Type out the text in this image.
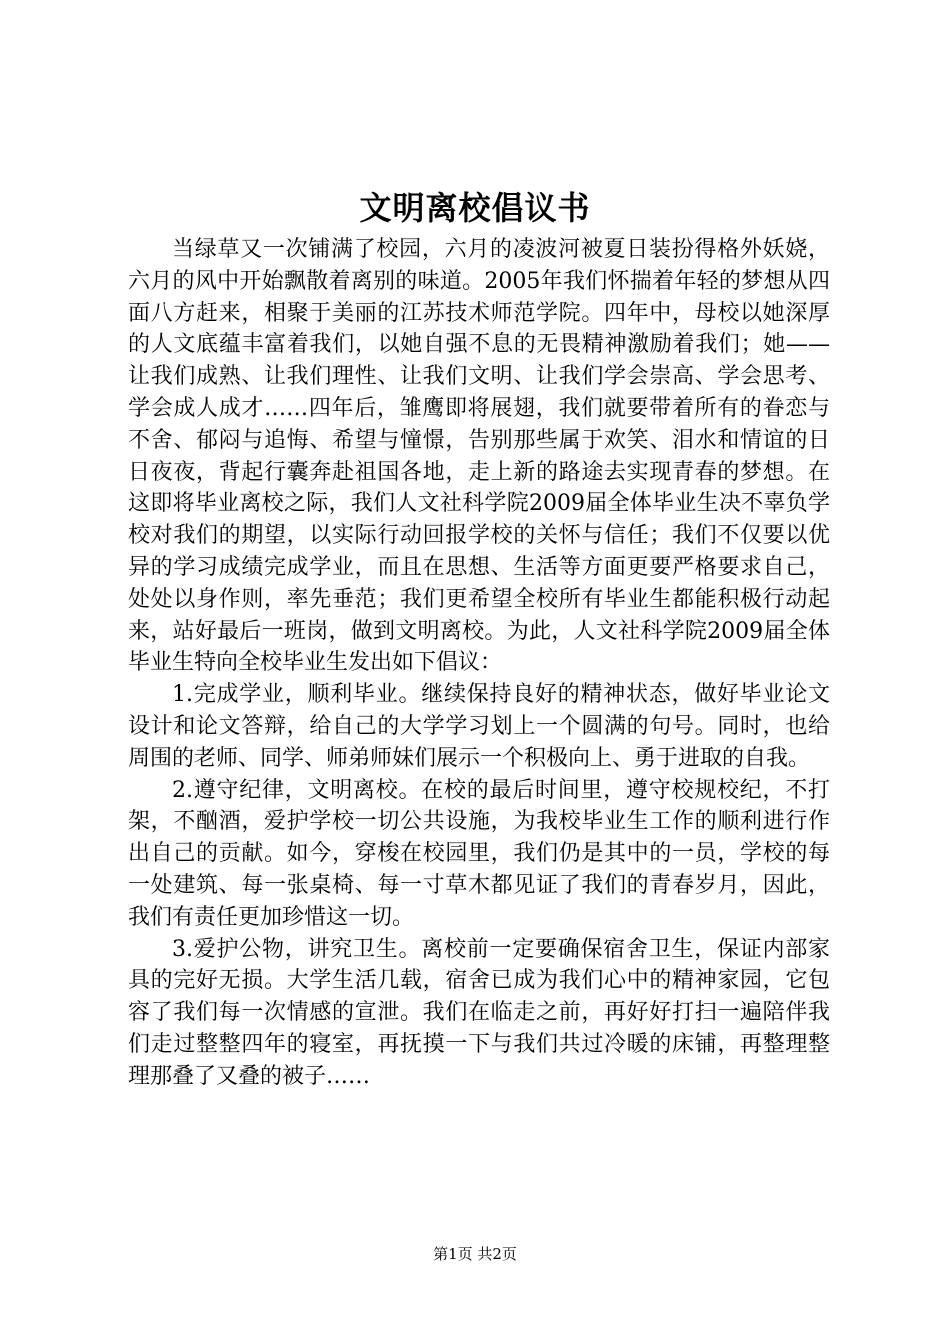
文明离校倡议书

当绿草又一次铺满了校园，六月的凌波河被夏日装扮得格外妖娆，六月的风中开始飘散着离别的味道。2005年我们怀揣着年轻的梦想从四面八方赶来，相聚于美丽的江苏技术师范学院。四年中，母校以她深厚的人文底蕴丰富着我们，以她自强不息的无畏精神激励着我们；她——让我们成熟、让我们理性、让我们文明、让我们学会崇高、学会思考、学会成人成才……四年后，雏鹰即将展翅，我们就要带着所有的眷恋与不舍、郁闷与追悔、希望与憧憬，告别那些属于欢笑、泪水和情谊的日日夜夜，背起行囊奔赴祖国各地，走上新的路途去实现青春的梦想。在这即将毕业离校之际，我们人文社科学院2009届全体毕业生决不辜负学校对我们的期望，以实际行动回报学校的关怀与信任；我们不仅要以优异的学习成绩完成学业，而且在思想、生活等方面更要严格要求自己，处处以身作则，率先垂范；我们更希望全校所有毕业生都能积极行动起来，站好最后一班岗，做到文明离校。为此，人文社科学院2009届全体毕业生特向全校毕业生发出如下倡议：

1.完成学业，顺利毕业。继续保持良好的精神状态，做好毕业论文设计和论文答辩，给自己的大学学习划上一个圆满的句号。同时，也给周围的老师、同学、师弟师妹们展示一个积极向上、勇于进取的自我。

2.遵守纪律，文明离校。在校的最后时间里，遵守校规校纪，不打架，不酗酒，爱护学校一切公共设施，为我校毕业生工作的顺利进行作出自己的贡献。如今，穿梭在校园里，我们仍是其中的一员，学校的每一处建筑、每一张桌椅、每一寸草木都见证了我们的青春岁月，因此，我们有责任更加珍惜这一切。

3.爱护公物，讲究卫生。离校前一定要确保宿舍卫生，保证内部家具的完好无损。大学生活几载，宿舍已成为我们心中的精神家园，它包容了我们每一次情感的宣泄。我们在临走之前，再好好打扫一遍陪伴我们走过整整四年的寝室，再抚摸一下与我们共过冷暖的床铺，再整理整理那叠了又叠的被子……

第1页 共2页
